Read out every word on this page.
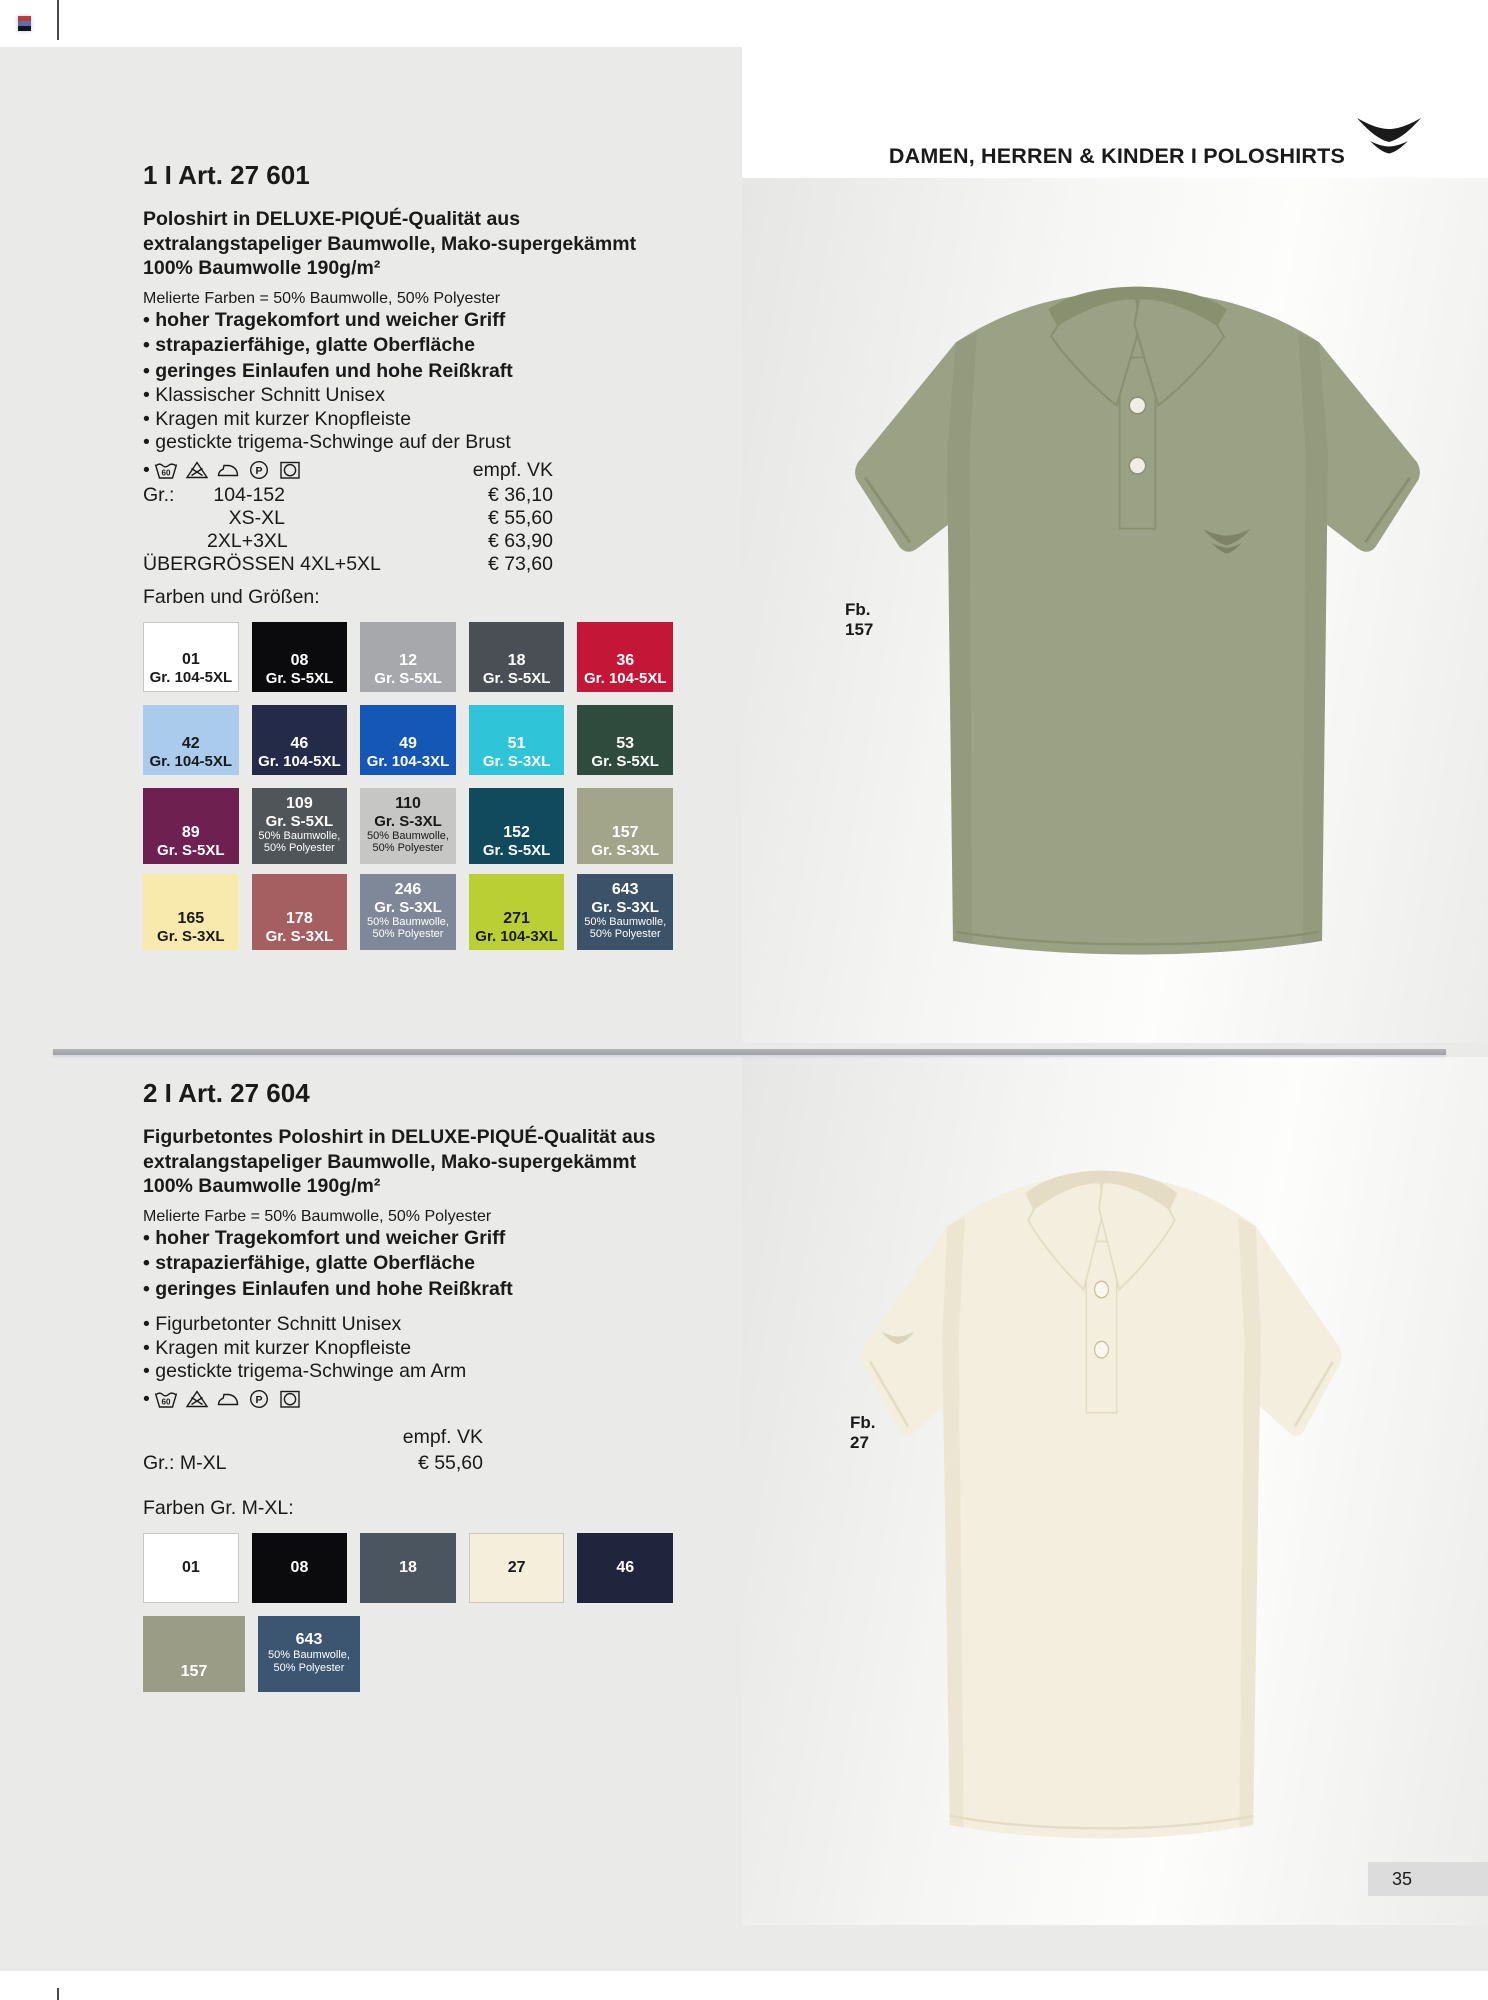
DAMEN, HERREN & KINDER I POLOSHIRTS
1 I Art. 27 601
Poloshirt in DELUXE-PIQUÉ-Qualität aus
extralangstapeliger Baumwolle, Mako-supergekämmt
100% Baumwolle 190g/m²
Melierte Farben = 50% Baumwolle, 50% Polyester
• hoher Tragekomfort und weicher Griff
• strapazierfähige, glatte Oberfläche
• geringes Einlaufen und hohe Reißkraft
• Klassischer Schnitt Unisex
• Kragen mit kurzer Knopfleiste
• gestickte trigema-Schwinge auf der Brust
• 60	P	empf. VK
Gr.:	104-152	€ 36,10
XS-XL	€ 55,60
2XL+3XL	€ 63,90
ÜBERGRÖSSEN 4XL+5XL	€ 73,60
Farben und Größen:
01
Gr. 104-5XL
08
Gr. S-5XL
12
Gr. S-5XL
18
Gr. S-5XL
36
Gr. 104-5XL
42
Gr. 104-5XL
46
Gr. 104-5XL
49
Gr. 104-3XL
51
Gr. S-3XL
53
Gr. S-5XL
89
Gr. S-5XL
109
Gr. S-5XL
50% Baumwolle,
50% Polyester
110
Gr. S-3XL
50% Baumwolle,
50% Polyester
152
Gr. S-5XL
157
Gr. S-3XL
165
Gr. S-3XL
178
Gr. S-3XL
246
Gr. S-3XL
50% Baumwolle,
50% Polyester
271
Gr. 104-3XL
643
Gr. S-3XL
50% Baumwolle,
50% Polyester
2 I Art. 27 604
Figurbetontes Poloshirt in DELUXE-PIQUÉ-Qualität aus
extralangstapeliger Baumwolle, Mako-supergekämmt
100% Baumwolle 190g/m²
Melierte Farbe = 50% Baumwolle, 50% Polyester
• hoher Tragekomfort und weicher Griff
• strapazierfähige, glatte Oberfläche
• geringes Einlaufen und hohe Reißkraft
• Figurbetonter Schnitt Unisex
• Kragen mit kurzer Knopfleiste
• gestickte trigema-Schwinge am Arm
• 60	P
empf. VK
Gr.: M-XL	€ 55,60
Farben Gr. M-XL:
01	08	18	27	46
157
643
50% Baumwolle,
50% Polyester
Fb.
157
Fb.
27
35
